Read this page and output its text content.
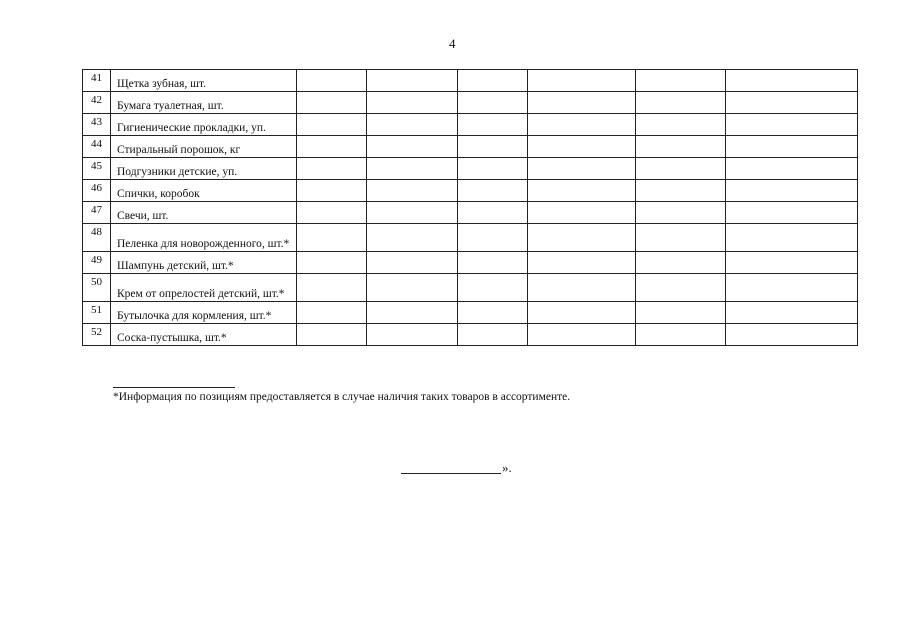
4
41	Щетка зубная, шт.						
42	Бумага туалетная, шт.						
43	Гигиенические прокладки, уп.						
44	Стиральный порошок, кг						
45	Подгузники детские, уп.						
46	Спички, коробок						
47	Свечи, шт.						
48	Пеленка для новорожденного, шт.*						
49	Шампунь детский, шт.*						
50	Крем от опрелостей детский, шт.*						
51	Бутылочка для кормления, шт.*						
52	Соска-пустышка, шт.*						
*Информация по позициям предоставляется в случае наличия таких товаров в ассортименте.
».
